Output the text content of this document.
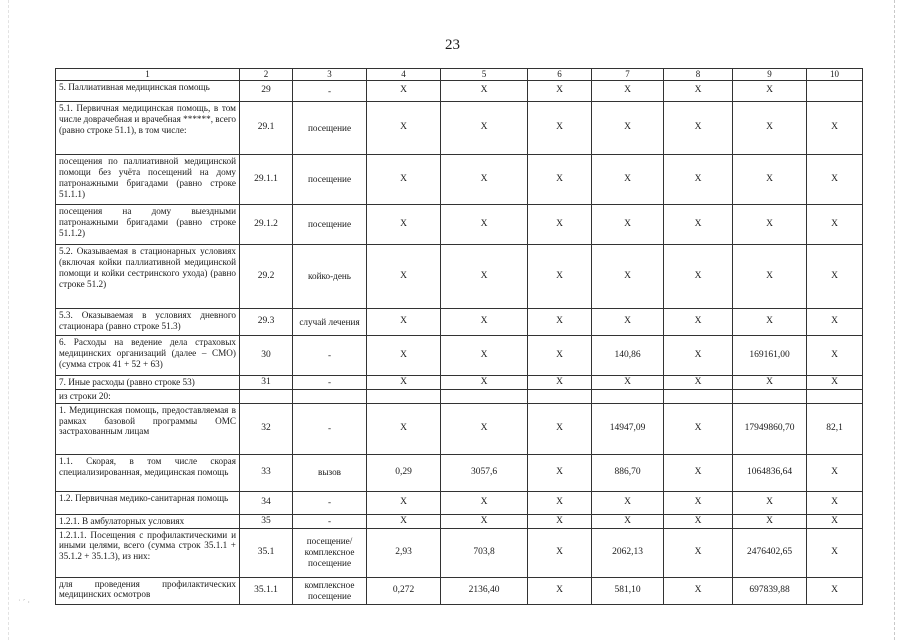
˙ ´ ·
23
1	2	3	4	5	6	7	8	9	10
5. Паллиативная медицинская помощь	29	-	Х	Х	Х	Х	Х	Х	
5.1. Первичная медицинская помощь, в том числе доврачебная и врачебная ******, всего (равно строке 51.1), в том числе:	29.1	посещение	Х	Х	Х	Х	Х	Х	Х
посещения по паллиативной медицинской помощи без учёта посещений на дому патронажными бригадами (равно строке 51.1.1)	29.1.1	посещение	Х	Х	Х	Х	Х	Х	Х
посещения на дому выездными патронажными бригадами (равно строке 51.1.2)	29.1.2	посещение	Х	Х	Х	Х	Х	Х	Х
5.2. Оказываемая в стационарных условиях (включая койки паллиативной медицинской помощи и койки сестринского ухода) (равно строке 51.2)	29.2	койко-день	Х	Х	Х	Х	Х	Х	Х
5.3. Оказываемая в условиях дневного стационара (равно строке 51.3)	29.3	случай лечения	Х	Х	Х	Х	Х	Х	Х
6. Расходы на ведение дела страховых медицинских организаций (далее – СМО) (сумма строк 41 + 52 + 63)	30	-	Х	Х	Х	140,86	Х	169161,00	Х
7. Иные расходы (равно строке 53)	31	-	Х	Х	Х	Х	Х	Х	Х
из строки 20:									
1. Медицинская помощь, предоставляемая в рамках базовой программы ОМС застрахованным лицам	32	-	Х	Х	Х	14947,09	Х	17949860,70	82,1
1.1. Скорая, в том числе скорая специализированная, медицинская помощь	33	вызов	0,29	3057,6	Х	886,70	Х	1064836,64	Х
1.2. Первичная медико-санитарная помощь	34	-	Х	Х	Х	Х	Х	Х	Х
1.2.1. В амбулаторных условиях	35	-	Х	Х	Х	Х	Х	Х	Х
1.2.1.1. Посещения с профилактическими и иными целями, всего (сумма строк 35.1.1 + 35.1.2 + 35.1.3), из них:	35.1	посещение/ комплексное посещение	2,93	703,8	Х	2062,13	Х	2476402,65	Х
для проведения профилактических медицинских осмотров	35.1.1	комплексное посещение	0,272	2136,40	Х	581,10	Х	697839,88	Х
